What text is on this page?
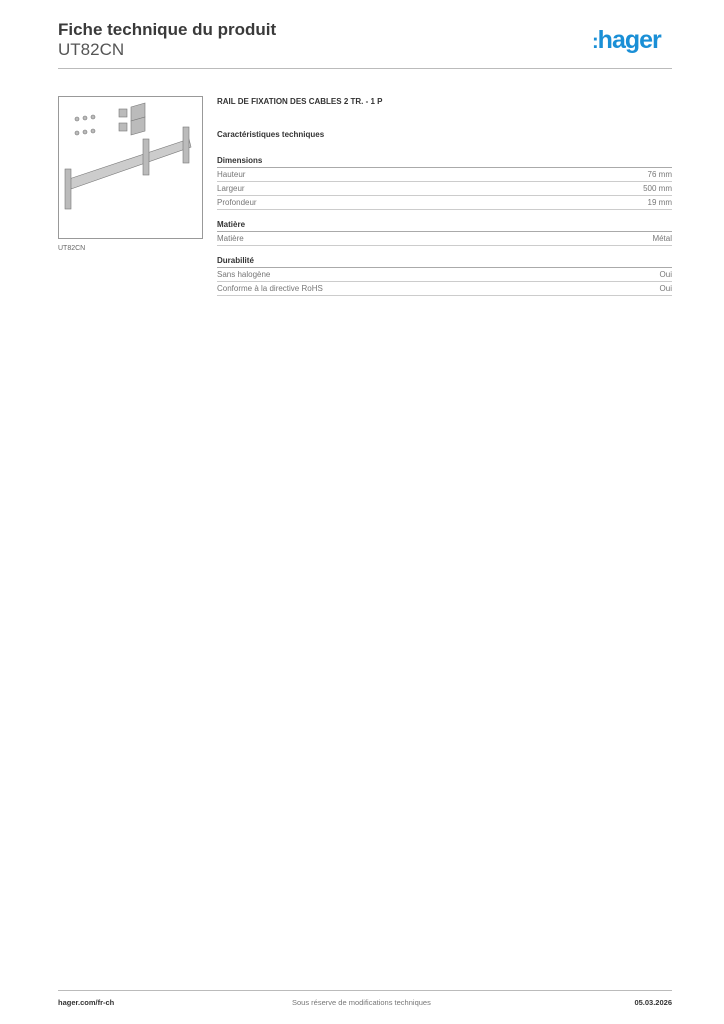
Fiche technique du produit
UT82CN	:hager
UT82CN
RAIL DE FIXATION DES CABLES 2 TR. - 1 P
Caractéristiques techniques
Dimensions
Hauteur	76 mm
Largeur	500 mm
Profondeur	19 mm
Matière
Matière	Métal
Durabilité
Sans halogène	Oui
Conforme à la directive RoHS	Oui
hager.com/fr-ch	Sous réserve de modifications techniques	05.03.2026
